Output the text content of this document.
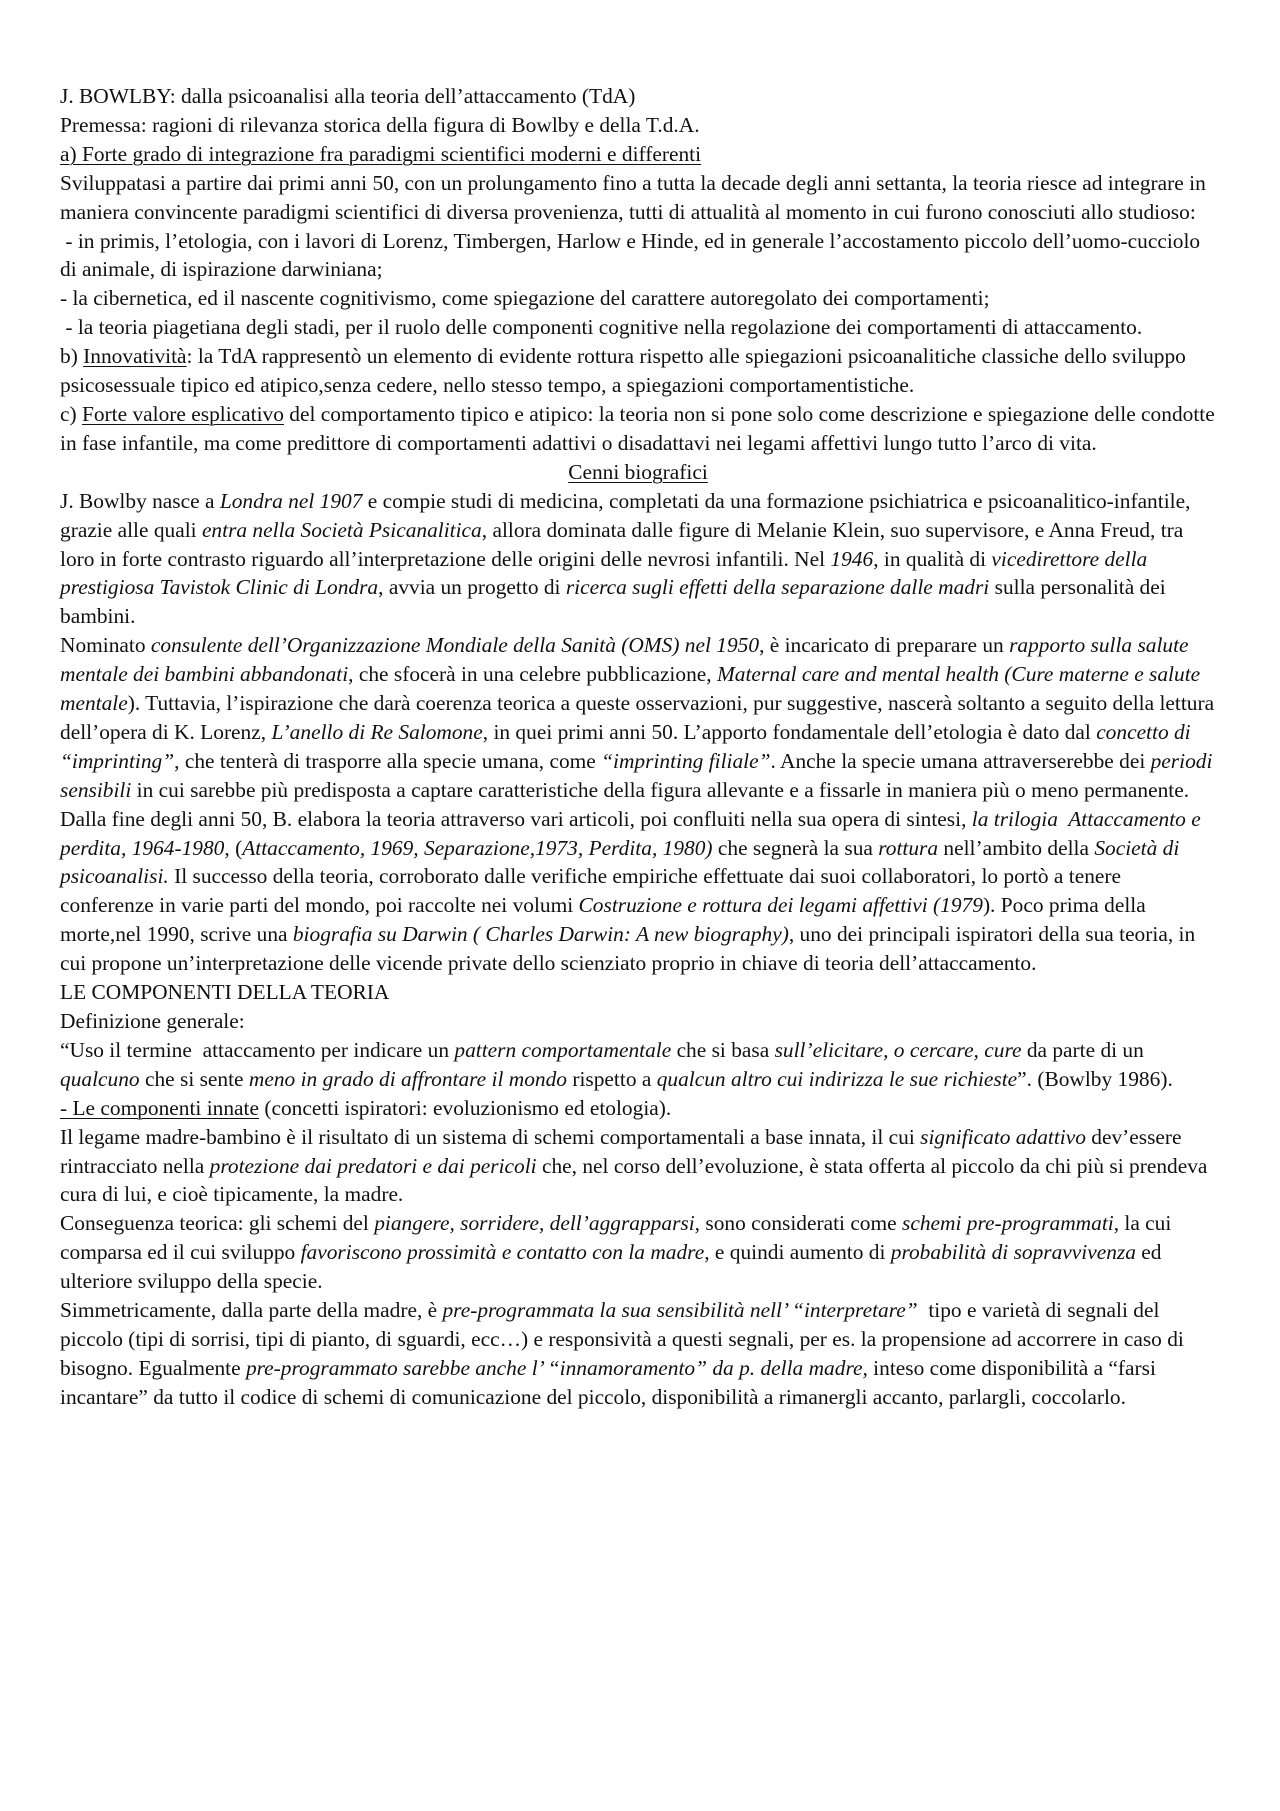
J. BOWLBY: dalla psicoanalisi alla teoria dell’attaccamento (TdA)
Premessa: ragioni di rilevanza storica della figura di Bowlby e della T.d.A.
a) Forte grado di integrazione fra paradigmi scientifici moderni e differenti
Sviluppatasi a partire dai primi anni 50, con un prolungamento fino a tutta la decade degli anni settanta, la teoria riesce ad integrare in maniera convincente paradigmi scientifici di diversa provenienza, tutti di attualità al momento in cui furono conosciuti allo studioso:
- in primis, l’etologia, con i lavori di Lorenz, Timbergen, Harlow e Hinde, ed in generale l’accostamento piccolo dell’uomo-cucciolo di animale, di ispirazione darwiniana;
- la cibernetica, ed il nascente cognitivismo, come spiegazione del carattere autoregolato dei comportamenti;
- la teoria piagetiana degli stadi, per il ruolo delle componenti cognitive nella regolazione dei comportamenti di attaccamento.
b) Innovatività: la TdA rappresentò un elemento di evidente rottura rispetto alle spiegazioni psicoanalitiche classiche dello sviluppo psicosessuale tipico ed atipico,senza cedere, nello stesso tempo, a spiegazioni comportamentistiche.
c) Forte valore esplicativo del comportamento tipico e atipico: la teoria non si pone solo come descrizione e spiegazione delle condotte in fase infantile, ma come predittore di comportamenti adattivi o disadattavi nei legami affettivi lungo tutto l’arco di vita.
Cenni biografici
J. Bowlby nasce a Londra nel 1907 e compie studi di medicina, completati da una formazione psichiatrica e psicoanalitico-infantile, grazie alle quali entra nella Società Psicanalitica, allora dominata dalle figure di Melanie Klein, suo supervisore, e Anna Freud, tra loro in forte contrasto riguardo all’interpretazione delle origini delle nevrosi infantili. Nel 1946, in qualità di vicedirettore della prestigiosa Tavistok Clinic di Londra, avvia un progetto di ricerca sugli effetti della separazione dalle madri sulla personalità dei bambini.
Nominato consulente dell’Organizzazione Mondiale della Sanità (OMS) nel 1950, è incaricato di preparare un rapporto sulla salute mentale dei bambini abbandonati, che sfocerà in una celebre pubblicazione, Maternal care and mental health (Cure materne e salute mentale). Tuttavia, l’ispirazione che darà coerenza teorica a queste osservazioni, pur suggestive, nascerà soltanto a seguito della lettura dell’opera di K. Lorenz, L’anello di Re Salomone, in quei primi anni 50. L’apporto fondamentale dell’etologia è dato dal concetto di “imprinting”, che tenterà di trasporre alla specie umana, come “imprinting filiale”. Anche la specie umana attraverserebbe dei periodi sensibili in cui sarebbe più predisposta a captare caratteristiche della figura allevante e a fissarle in maniera più o meno permanente.
Dalla fine degli anni 50, B. elabora la teoria attraverso vari articoli, poi confluiti nella sua opera di sintesi, la trilogia  Attaccamento e perdita, 1964-1980, (Attaccamento, 1969, Separazione,1973, Perdita, 1980) che segnerà la sua rottura nell’ambito della Società di psicoanalisi. Il successo della teoria, corroborato dalle verifiche empiriche effettuate dai suoi collaboratori, lo portò a tenere conferenze in varie parti del mondo, poi raccolte nei volumi Costruzione e rottura dei legami affettivi (1979). Poco prima della morte,nel 1990, scrive una biografia su Darwin ( Charles Darwin: A new biography), uno dei principali ispiratori della sua teoria, in cui propone un’interpretazione delle vicende private dello scienziato proprio in chiave di teoria dell’attaccamento.
LE COMPONENTI DELLA TEORIA
Definizione generale:
“Uso il termine  attaccamento per indicare un pattern comportamentale che si basa sull’elicitare, o cercare, cure da parte di un qualcuno che si sente meno in grado di affrontare il mondo rispetto a qualcun altro cui indirizza le sue richieste”. (Bowlby 1986).
- Le componenti innate (concetti ispiratori: evoluzionismo ed etologia).
Il legame madre-bambino è il risultato di un sistema di schemi comportamentali a base innata, il cui significato adattivo dev’essere rintracciato nella protezione dai predatori e dai pericoli che, nel corso dell’evoluzione, è stata offerta al piccolo da chi più si prendeva cura di lui, e cioè tipicamente, la madre.
Conseguenza teorica: gli schemi del piangere, sorridere, dell’aggrapparsi, sono considerati come schemi pre-programmati, la cui comparsa ed il cui sviluppo favoriscono prossimità e contatto con la madre, e quindi aumento di probabilità di sopravvivenza ed ulteriore sviluppo della specie.
Simmetricamente, dalla parte della madre, è pre-programmata la sua sensibilità nell’ “interpretare”  tipo e varietà di segnali del piccolo (tipi di sorrisi, tipi di pianto, di sguardi, ecc…) e responsività a questi segnali, per es. la propensione ad accorrere in caso di bisogno. Egualmente pre-programmato sarebbe anche l’ “innamoramento” da p. della madre, inteso come disponibilità a “farsi incantare” da tutto il codice di schemi di comunicazione del piccolo, disponibilità a rimanergli accanto, parlargli, coccolarlo.
